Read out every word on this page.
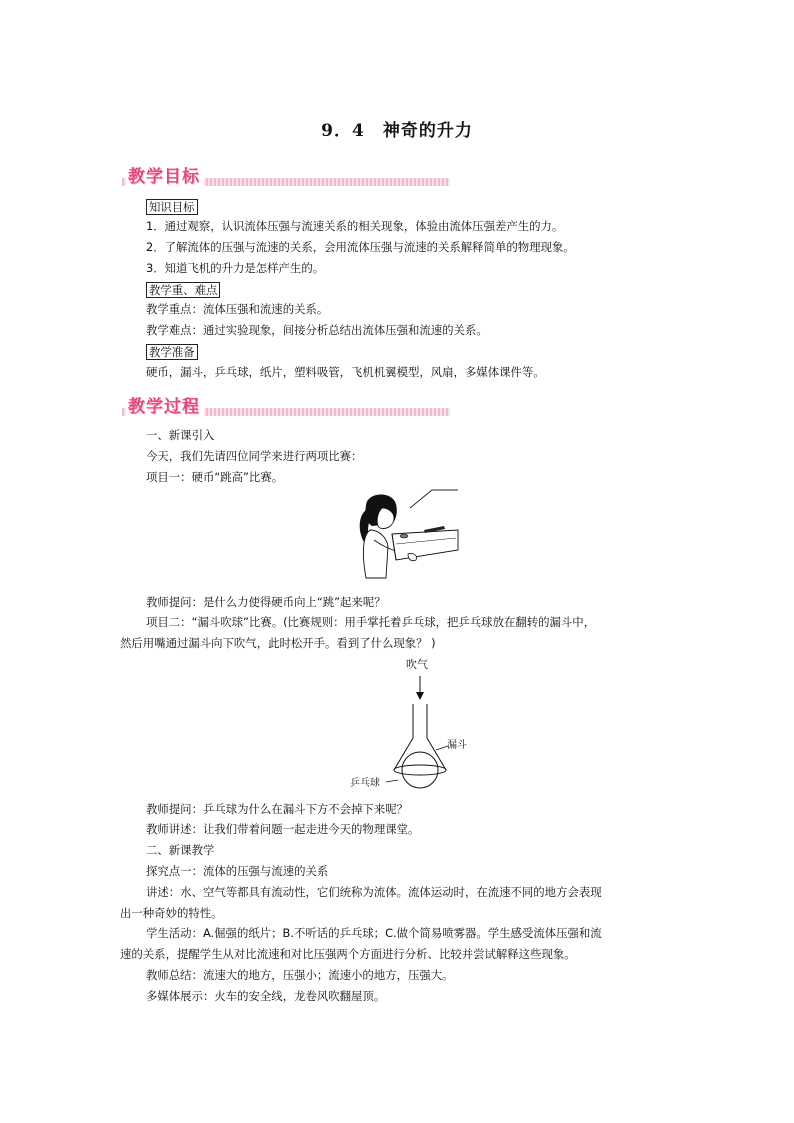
9．4　神奇的升力
教学目标
知识目标
1．通过观察，认识流体压强与流速关系的相关现象，体验由流体压强差产生的力。
2．了解流体的压强与流速的关系，会用流体压强与流速的关系解释简单的物理现象。
3．知道飞机的升力是怎样产生的。
教学重、难点
教学重点：流体压强和流速的关系。
教学难点：通过实验现象，间接分析总结出流体压强和流速的关系。
教学准备
硬币，漏斗，乒乓球，纸片，塑料吸管，飞机机翼模型，风扇，多媒体课件等。
教学过程
一、新课引入
今天，我们先请四位同学来进行两项比赛：
项目一：硬币“跳高”比赛。
教师提问：是什么力使得硬币向上“跳”起来呢？
项目二：“漏斗吹球”比赛。(比赛规则：用手掌托着乒乓球，把乒乓球放在翻转的漏斗中，
然后用嘴通过漏斗向下吹气，此时松开手。看到了什么现象？ )
吹气
漏斗
乒乓球
教师提问：乒乓球为什么在漏斗下方不会掉下来呢？
教师讲述：让我们带着问题一起走进今天的物理课堂。
二、新课教学
探究点一：流体的压强与流速的关系
讲述：水、空气等都具有流动性，它们统称为流体。流体运动时，在流速不同的地方会表现
出一种奇妙的特性。
学生活动：A.倔强的纸片；B.不听话的乒乓球；C.做个简易喷雾器。学生感受流体压强和流
速的关系，提醒学生从对比流速和对比压强两个方面进行分析、比较并尝试解释这些现象。
教师总结：流速大的地方，压强小；流速小的地方，压强大。
多媒体展示：火车的安全线，龙卷风吹翻屋顶。
